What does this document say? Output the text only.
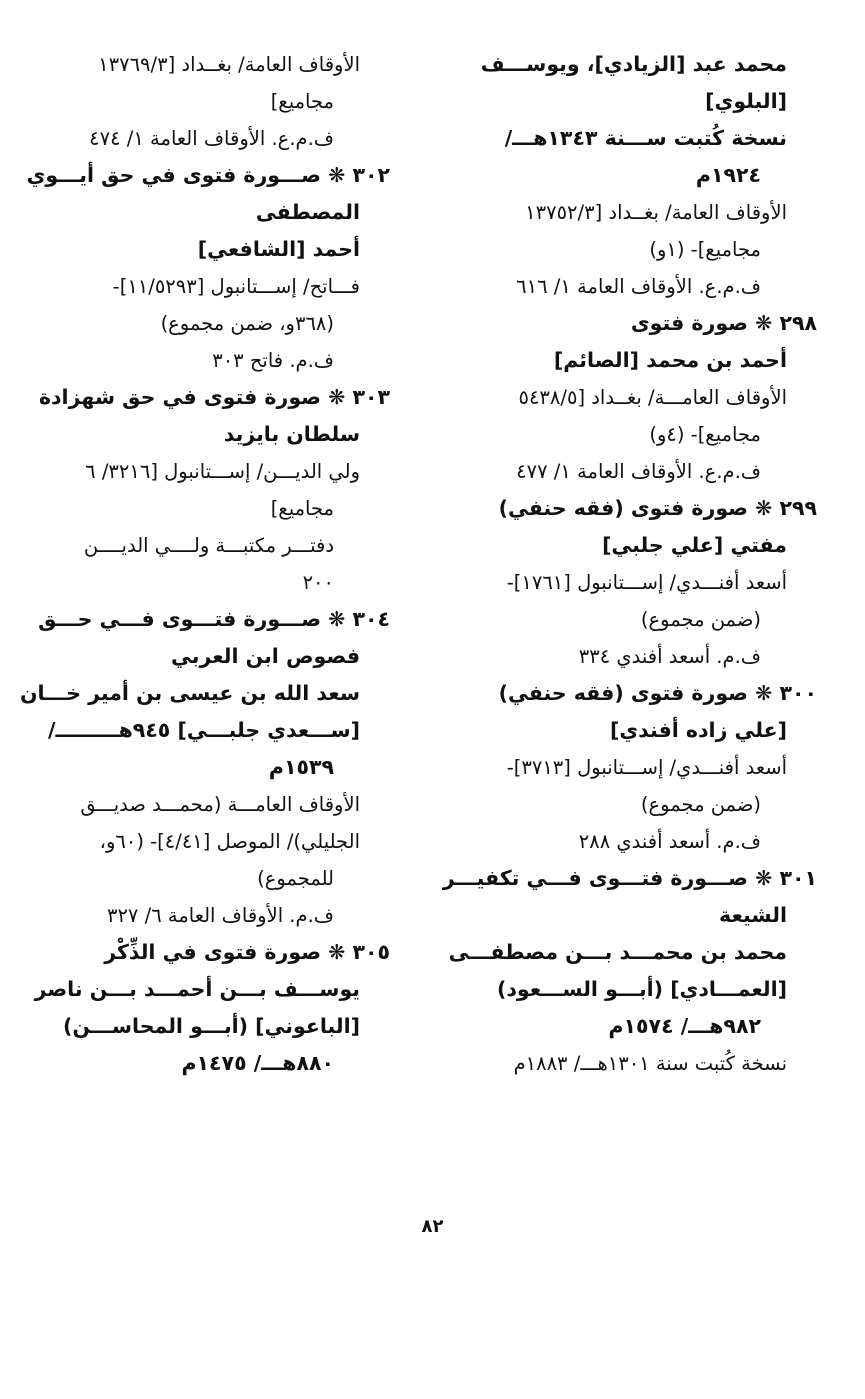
محمد عبد [الزيادي]، ويوســـف
[البلوي]
نسخة كُتبت ســـنة ١٣٤٣هـــ/
١٩٢٤م
الأوقاف العامة/ بغــداد [١٣٧٥٢/٣
مجاميع]- (١و)
ف.م.ع. الأوقاف العامة ١/ ٦١٦
٢٩٨ ❋ صورة فتوى
أحمد بن محمد [الصائم]
الأوقاف العامـــة/ بغــداد [٥٤٣٨/٥
مجاميع]- (٤و)
ف.م.ع. الأوقاف العامة ١/ ٤٧٧
٢٩٩ ❋ صورة فتوى (فقه حنفي)
مفتي [علي جلبي]
أسعد أفنـــدي/ إســـتانبول [١٧٦١]-
(ضمن مجموع)
ف.م. أسعد أفندي ٣٣٤
٣٠٠ ❋ صورة فتوى (فقه حنفي)
[علي زاده أفندي]
أسعد أفنـــدي/ إســـتانبول [٣٧١٣]-
(ضمن مجموع)
ف.م. أسعد أفندي ٢٨٨
٣٠١ ❋ صـــورة فتـــوى فـــي تكفيـــر
الشيعة
محمد بن محمـــد بـــن مصطفـــى
[العمـــادي] (أبـــو الســـعود)
٩٨٢هـــ/ ١٥٧٤م
نسخة كُتبت سنة ١٣٠١هـــ/ ١٨٨٣م
الأوقاف العامة/ بغــداد [١٣٧٦٩/٣
مجاميع]
ف.م.ع. الأوقاف العامة ١/ ٤٧٤
٣٠٢ ❋ صـــورة فتوى في حق أيـــوي
المصطفى
أحمد [الشافعي]
فـــاتح/ إســـتانبول [١١/٥٢٩٣]-
(٣٦٨و، ضمن مجموع)
ف.م. فاتح ٣٠٣
٣٠٣ ❋ صورة فتوى في حق شهزادة
سلطان بايزيد
ولي الديـــن/ إســـتانبول [٣٢١٦/ ٦
مجاميع]
دفتـــر مكتبـــة ولــــي الديــــن
٢٠٠
٣٠٤ ❋ صـــورة فتـــوى فـــي حـــق
فصوص ابن العربي
سعد الله بن عيسى بن أمير خـــان
[ســـعدي جلبـــي] ٩٤٥هـــــــــ/
١٥٣٩م
الأوقاف العامـــة (محمـــد صديـــق
الجليلي)/ الموصل [٤/٤١]- (٦٠و،
للمجموع)
ف.م. الأوقاف العامة ٦/ ٣٢٧
٣٠٥ ❋ صورة فتوى في الذِّكْر
يوســـف بـــن أحمـــد بـــن ناصر
[الباعوني] (أبـــو المحاســـن)
٨٨٠هـــ/ ١٤٧٥م
٨٢
